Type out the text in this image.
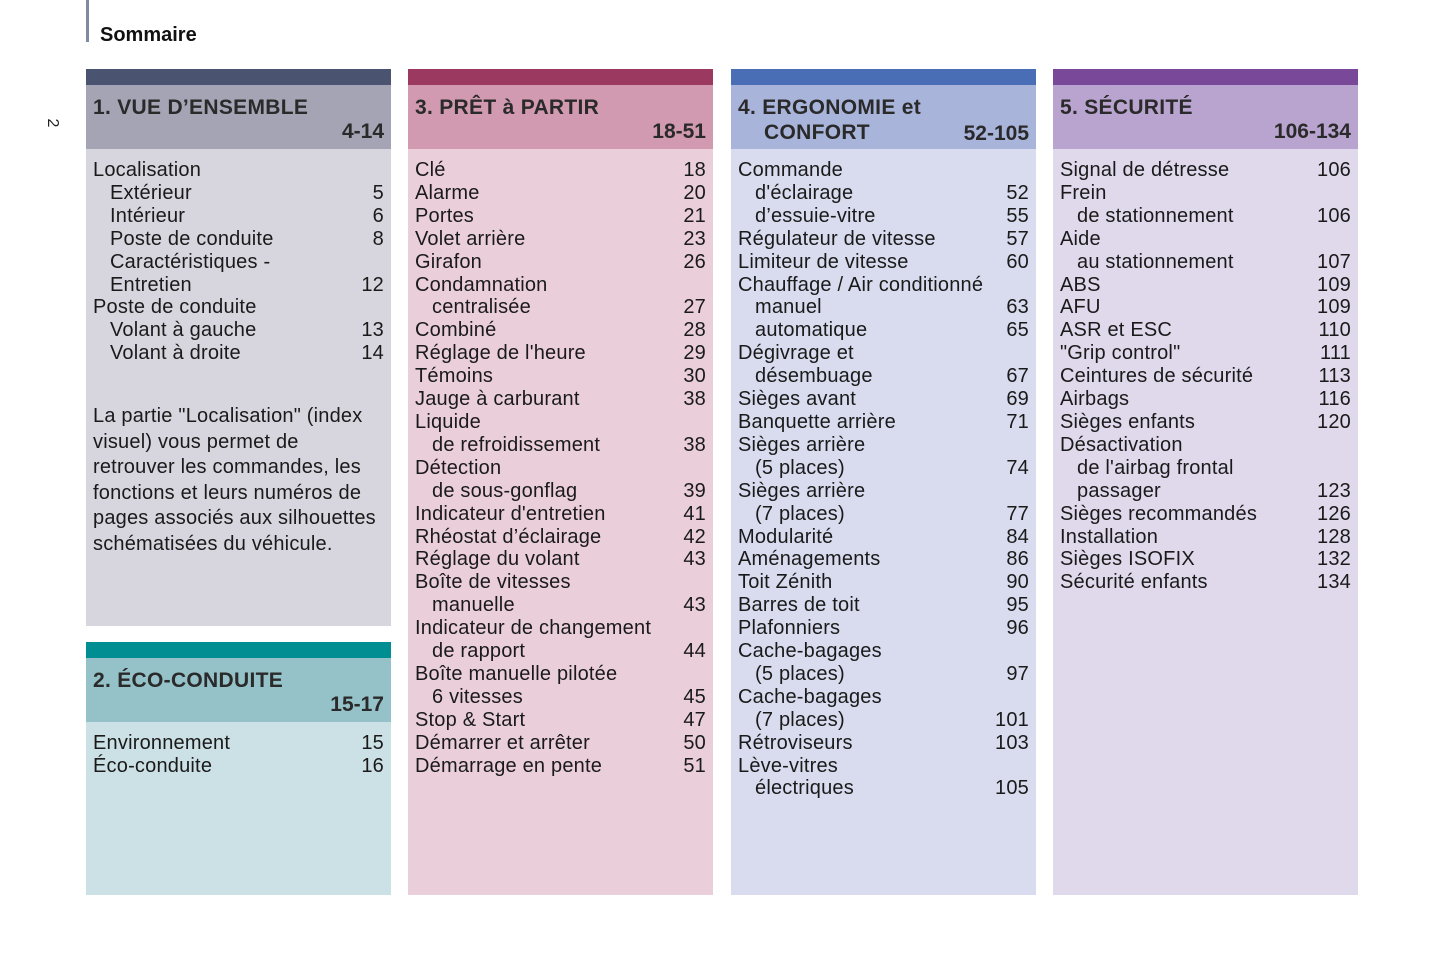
Sommaire
2
1. VUE D’ENSEMBLE
4-14
Localisation
Extérieur	5
Intérieur	6
Poste de conduite	8
Caractéristiques -
Entretien	12
Poste de conduite
Volant à gauche	13
Volant à droite	14
La partie "Localisation" (index visuel) vous permet de retrouver les commandes, les fonctions et leurs numéros de pages associés aux silhouettes schématisées du véhicule.
2. ÉCO-CONDUITE
15-17
Environnement	15
Éco-conduite	16
3. PRÊT à PARTIR
18-51
Clé	18
Alarme	20
Portes	21
Volet arrière	23
Girafon	26
Condamnation
centralisée	27
Combiné	28
Réglage de l'heure	29
Témoins	30
Jauge à carburant	38
Liquide
de refroidissement	38
Détection
de sous-gonflag	39
Indicateur d'entretien	41
Rhéostat d’éclairage	42
Réglage du volant	43
Boîte de vitesses
manuelle	43
Indicateur de changement
de rapport	44
Boîte manuelle pilotée
6 vitesses	45
Stop & Start	47
Démarrer et arrêter	50
Démarrage en pente	51
4. ERGONOMIE et
CONFORT	52-105
Commande
d'éclairage	52
d’essuie-vitre	55
Régulateur de vitesse	57
Limiteur de vitesse	60
Chauffage / Air conditionné
manuel	63
automatique	65
Dégivrage et
désembuage	67
Sièges avant	69
Banquette arrière	71
Sièges arrière
(5 places)	74
Sièges arrière
(7 places)	77
Modularité	84
Aménagements	86
Toit Zénith	90
Barres de toit	95
Plafonniers	96
Cache-bagages
(5 places)	97
Cache-bagages
(7 places)	101
Rétroviseurs	103
Lève-vitres
électriques	105
5. SÉCURITÉ
106-134
Signal de détresse	106
Frein
de stationnement	106
Aide
au stationnement	107
ABS	109
AFU	109
ASR et ESC	110
"Grip control"	111
Ceintures de sécurité	113
Airbags	116
Sièges enfants	120
Désactivation
de l'airbag frontal
passager	123
Sièges recommandés	126
Installation	128
Sièges ISOFIX	132
Sécurité enfants	134
